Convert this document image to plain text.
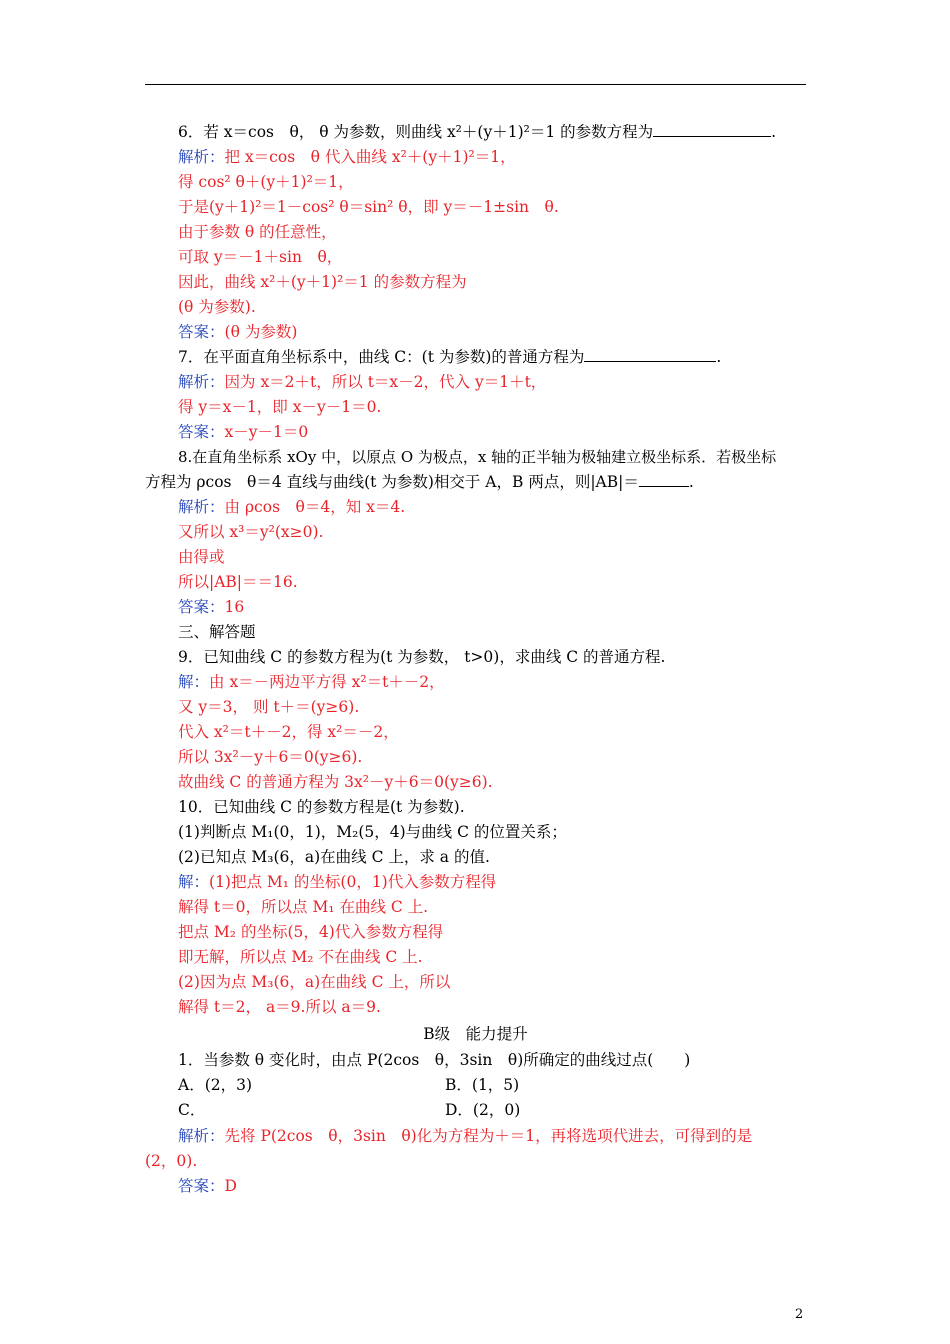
6．若 x＝cos　θ， θ 为参数，则曲线 x²＋(y＋1)²＝1 的参数方程为	.
解析：把 x＝cos　θ 代入曲线 x²＋(y＋1)²＝1，
得 cos² θ＋(y＋1)²＝1，
于是(y＋1)²＝1－cos² θ＝sin² θ，即 y＝－1±sin　θ.
由于参数 θ 的任意性，
可取 y＝－1＋sin　θ，
因此，曲线 x²＋(y＋1)²＝1 的参数方程为
(θ 为参数).
答案：(θ 为参数)
7．在平面直角坐标系中，曲线 C：(t 为参数)的普通方程为	.
解析：因为 x＝2＋t，所以 t＝x－2，代入 y＝1＋t，
得 y＝x－1，即 x－y－1＝0.
答案：x－y－1＝0
8.在直角坐标系 xOy 中，以原点 O 为极点，x 轴的正半轴为极轴建立极坐标系．若极坐标
方程为 ρcos　θ＝4 直线与曲线(t 为参数)相交于 A，B 两点，则|AB|＝	.
解析：由 ρcos　θ＝4，知 x＝4.
又所以 x³＝y²(x≥0).
由得或
所以|AB|＝＝16.
答案：16
三、解答题
9．已知曲线 C 的参数方程为(t 为参数， t>0)，求曲线 C 的普通方程.
解：由 x＝－两边平方得 x²＝t＋－2，
又 y＝3， 则 t＋＝(y≥6).
代入 x²＝t＋－2，得 x²＝－2，
所以 3x²－y＋6＝0(y≥6).
故曲线 C 的普通方程为 3x²－y＋6＝0(y≥6).
10．已知曲线 C 的参数方程是(t 为参数).
(1)判断点 M₁(0，1)，M₂(5，4)与曲线 C 的位置关系；
(2)已知点 M₃(6，a)在曲线 C 上，求 a 的值.
解：(1)把点 M₁ 的坐标(0，1)代入参数方程得
解得 t＝0，所以点 M₁ 在曲线 C 上.
把点 M₂ 的坐标(5，4)代入参数方程得
即无解，所以点 M₂ 不在曲线 C 上.
(2)因为点 M₃(6，a)在曲线 C 上，所以
解得 t＝2， a＝9.所以 a＝9.
B级　能力提升
1．当参数 θ 变化时，由点 P(2cos　θ，3sin　θ)所确定的曲线过点(　　)
A．(2，3)	B．(1，5)
C．	D．(2，0)
解析：先将 P(2cos　θ，3sin　θ)化为方程为＋＝1，再将选项代进去，可得到的是
(2，0).
答案：D
2
